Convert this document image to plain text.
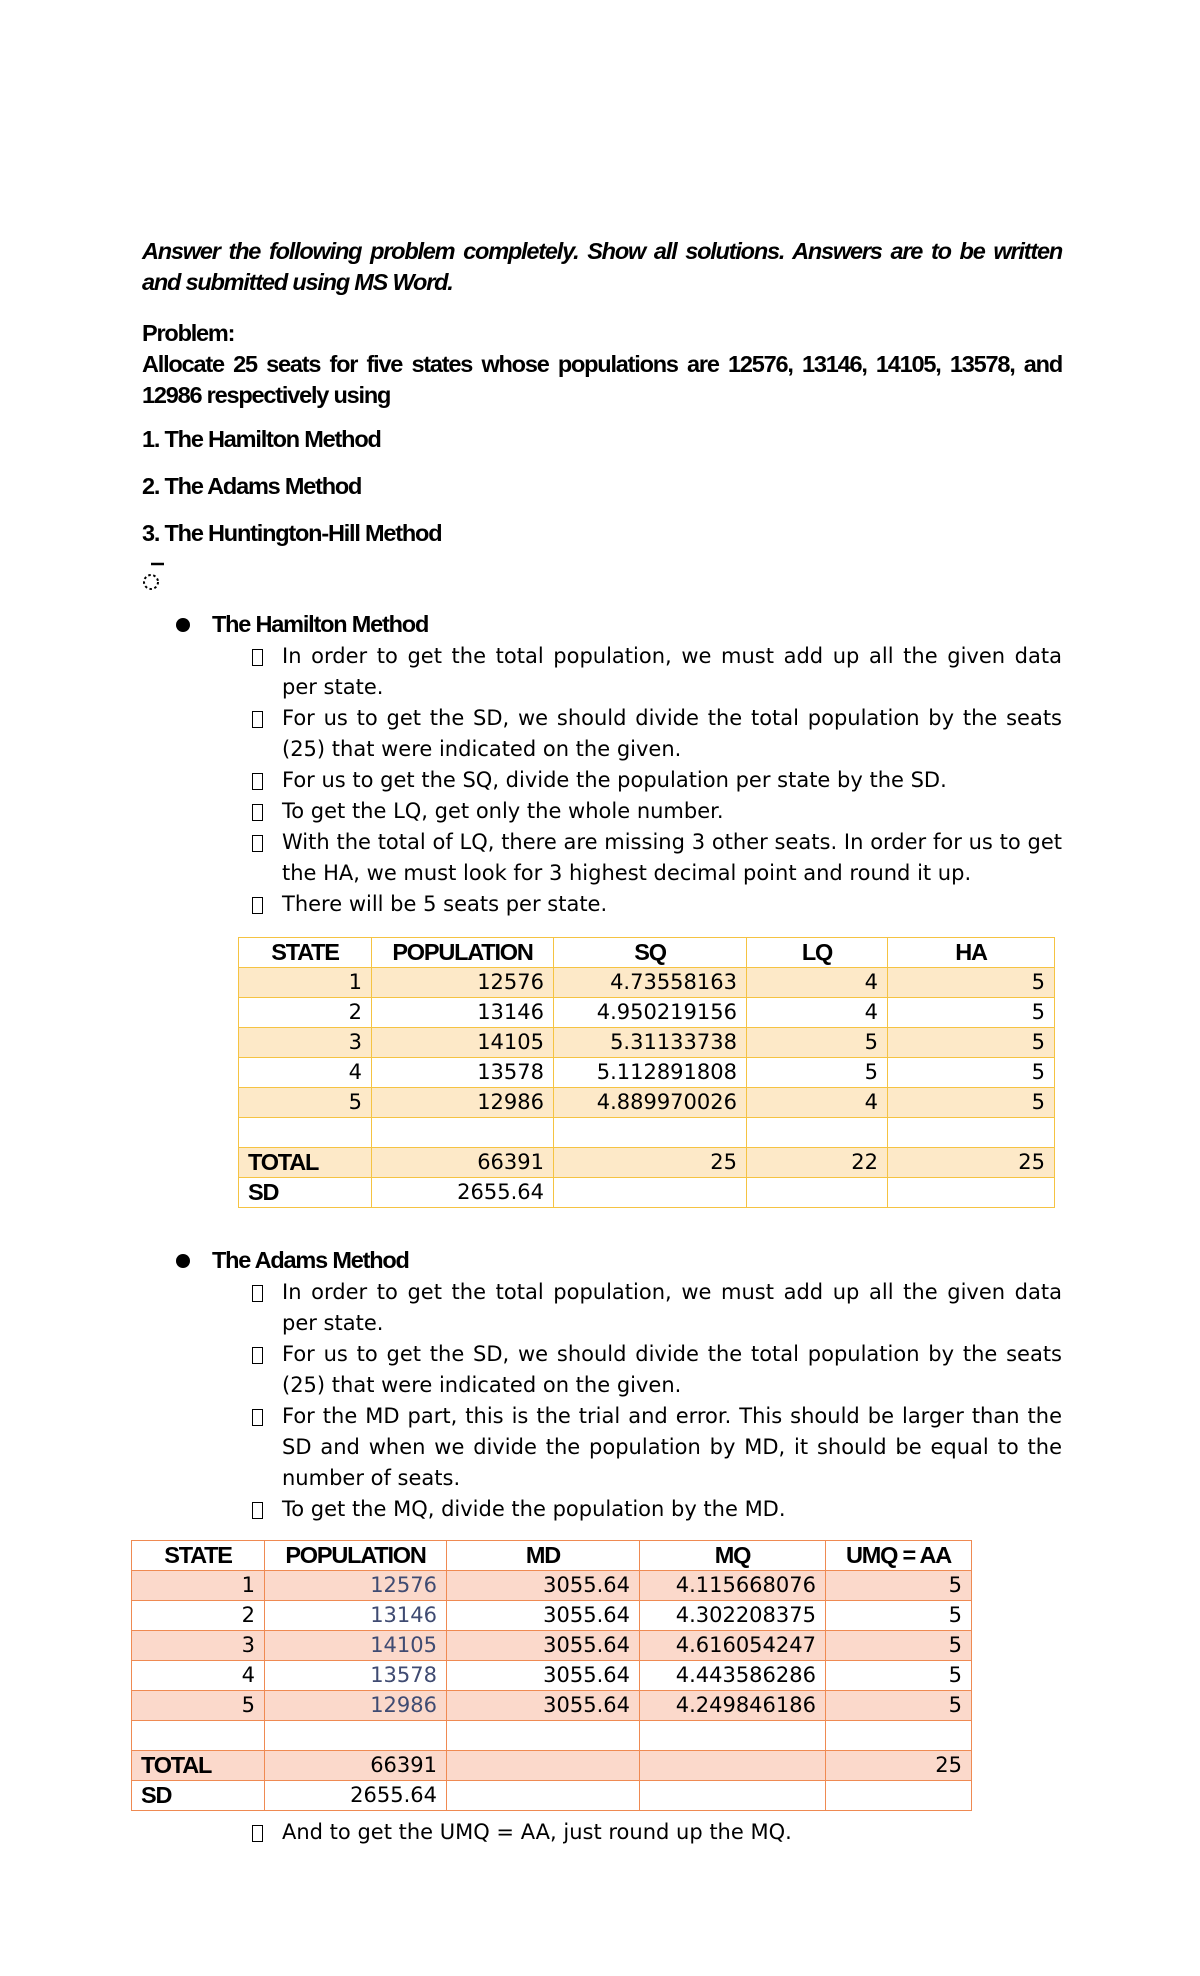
Answer the following problem completely. Show all solutions. Answers are to be written and submitted using MS Word.
Problem:
Allocate 25 seats for five states whose populations are 12576, 13146, 14105, 13578, and 12986 respectively using
1. The Hamilton Method
2. The Adams Method
3. The Huntington-Hill Method
The Hamilton Method
In order to get the total population, we must add up all the given data per state.
For us to get the SD, we should divide the total population by the seats (25) that were indicated on the given.
For us to get the SQ, divide the population per state by the SD.
To get the LQ, get only the whole number.
With the total of LQ, there are missing 3 other seats. In order for us to get the HA, we must look for 3 highest decimal point and round it up.
There will be 5 seats per state.
STATE	POPULATION	SQ	LQ	HA
1	12576	4.73558163	4	5
2	13146	4.950219156	4	5
3	14105	5.31133738	5	5
4	13578	5.112891808	5	5
5	12986	4.889970026	4	5

TOTAL	66391	25	22	25
SD	2655.64			
The Adams Method
In order to get the total population, we must add up all the given data per state.
For us to get the SD, we should divide the total population by the seats (25) that were indicated on the given.
For the MD part, this is the trial and error. This should be larger than the SD and when we divide the population by MD, it should be equal to the number of seats.
To get the MQ, divide the population by the MD.
STATE	POPULATION	MD	MQ	UMQ = AA
1	12576	3055.64	4.115668076	5
2	13146	3055.64	4.302208375	5
3	14105	3055.64	4.616054247	5
4	13578	3055.64	4.443586286	5
5	12986	3055.64	4.249846186	5

TOTAL	66391			25
SD	2655.64			
And to get the UMQ = AA, just round up the MQ.
